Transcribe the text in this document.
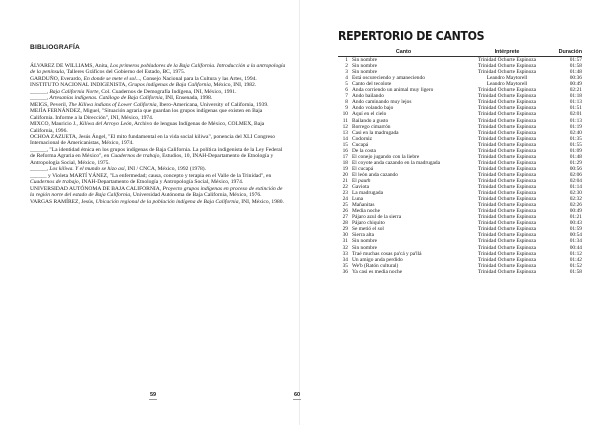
BIBLIOGRAFÍA

ÁLVAREZ DE WILLIAMS, Anita, Los primeros pobladores de la Baja California. Introducción a la antropología de la península, Talleres Gráficos del Gobierno del Estado, BC, 1975.

GARDUÑO, Everardo, En donde se mete el sol..., Consejo Nacional para la Cultura y las Artes, 1994.

INSTITUTO NACIONAL INDIGENISTA, Grupos indígenas de Baja California, México, INI, 1982.

______, Baja California Norte, Col. Cuadernos de Demografía Indígena, INI, México, 1991.

______, Artesanías indígenas. Catálogo de Baja California, INI, Ensenada, 1998.

MEIGS, Peveril, The Kiliwa indians of Lower California, Ibero-Americana, University of California, 1939.

MEJÍA FERNÁNDEZ, Miguel, "Situación agraria que guardan los grupos indígenas que existen en Baja California. Informe a la Dirección", INI, México, 1974.

MIXCO, Mauricio J., Kiliwa del Arroyo León, Archivo de lenguas Indígenas de México, COLMEX, Baja California, 1996.

OCHOA ZAZUETA, Jesús Ángel, "El mito fundamental en la vida social kiliwa", ponencia del XLI Congreso Internacional de Americanistas, México, 1974.

______, "La identidad étnica en los grupos indígenas de Baja California. La política indigenista de la Ley Federal de Reforma Agraria en México", en Cuadernos de trabajo, Estudios, 10, INAH-Departamento de Etnología y Antropología Social, México, 1975.

______, Los kiliwa. Y el mundo se hizo así, INI / CNCA, México, 1992 (1978).

______ y Violeta MARTÍ YÁNEZ, "La enfermedad; causa, concepto y terapia en el Valle de la Trinidad", en Cuadernos de trabajo, INAH-Departamento de Etnología y Antropología Social, México, 1974.

UNIVERSIDAD AUTÓNOMA DE BAJA CALIFORNIA, Proyecto grupos indígenas en proceso de extinción de la región norte del estado de Baja California, Universidad Autónoma de Baja California, México, 1976.

VARGAS RAMÍREZ, Jesús, Ubicación regional de la población indígena de Baja California, INI, México, 1980.

REPERTORIO DE CANTOS
Canto		Intérprete	Duración
1	Sin nombre	Trinidad Ochurte Espinoza	01:57
2	Sin nombre	Trinidad Ochurte Espinoza	01:58
3	Sin nombre	Trinidad Ochurte Espinoza	01:48
4	Está oscureciendo y amaneciendo	Leandro Maytorell	00:36
5	Canto del tecolote	Leandro Maytorell	00:49
6	Anda corriendo un animal muy ligero	Trinidad Ochurte Espinoza	02:21
7	Ando bailando	Trinidad Ochurte Espinoza	01:18
8	Ando caminando muy lejos	Trinidad Ochurte Espinoza	01:13
9	Ando volando bajo	Trinidad Ochurte Espinoza	01:51
10	Aquí en el cielo	Trinidad Ochurte Espinoza	02:01
11	Bailando a gusto	Trinidad Ochurte Espinoza	01:13
12	Borrego cimarrón	Trinidad Ochurte Espinoza	01:19
13	Casi en la madrugada	Trinidad Ochurte Espinoza	02:40
14	Codorniz	Trinidad Ochurte Espinoza	01:35
15	Cucapá	Trinidad Ochurte Espinoza	01:55
16	De la costa	Trinidad Ochurte Espinoza	01:09
17	El conejo jugando con la liebre	Trinidad Ochurte Espinoza	01:48
18	El coyote anda cazando en la madrugada	Trinidad Ochurte Espinoza	01:29
19	El cucapá	Trinidad Ochurte Espinoza	00:56
20	El león anda cazando	Trinidad Ochurte Espinoza	02:06
21	El pauth	Trinidad Ochurte Espinoza	02:04
22	Gaviota	Trinidad Ochurte Espinoza	01:14
23	La madrugada	Trinidad Ochurte Espinoza	02:30
24	Luna	Trinidad Ochurte Espinoza	02:32
25	Mañanitas	Trinidad Ochurte Espinoza	02:26
26	Media noche	Trinidad Ochurte Espinoza	00:49
27	Pájaro azul de la sierra	Trinidad Ochurte Espinoza	01:21
28	Pájaro chiquito	Trinidad Ochurte Espinoza	00:43
29	Se metió el sol	Trinidad Ochurte Espinoza	01:59
30	Sierra alta	Trinidad Ochurte Espinoza	00:54
31	Sin nombre	Trinidad Ochurte Espinoza	01:34
32	Sin nombre	Trinidad Ochurte Espinoza	00:44
33	Traé muchas cosas pa'cá y pa'llá	Trinidad Ochurte Espinoza	01:12
34	Un amigo anda perdido	Trinidad Ochurte Espinoza	01:42
35	We'b (Ratón cultural)	Trinidad Ochurte Espinoza	01:52
36	Ya casi es media noche	Trinidad Ochurte Espinoza	01:58
59	60
